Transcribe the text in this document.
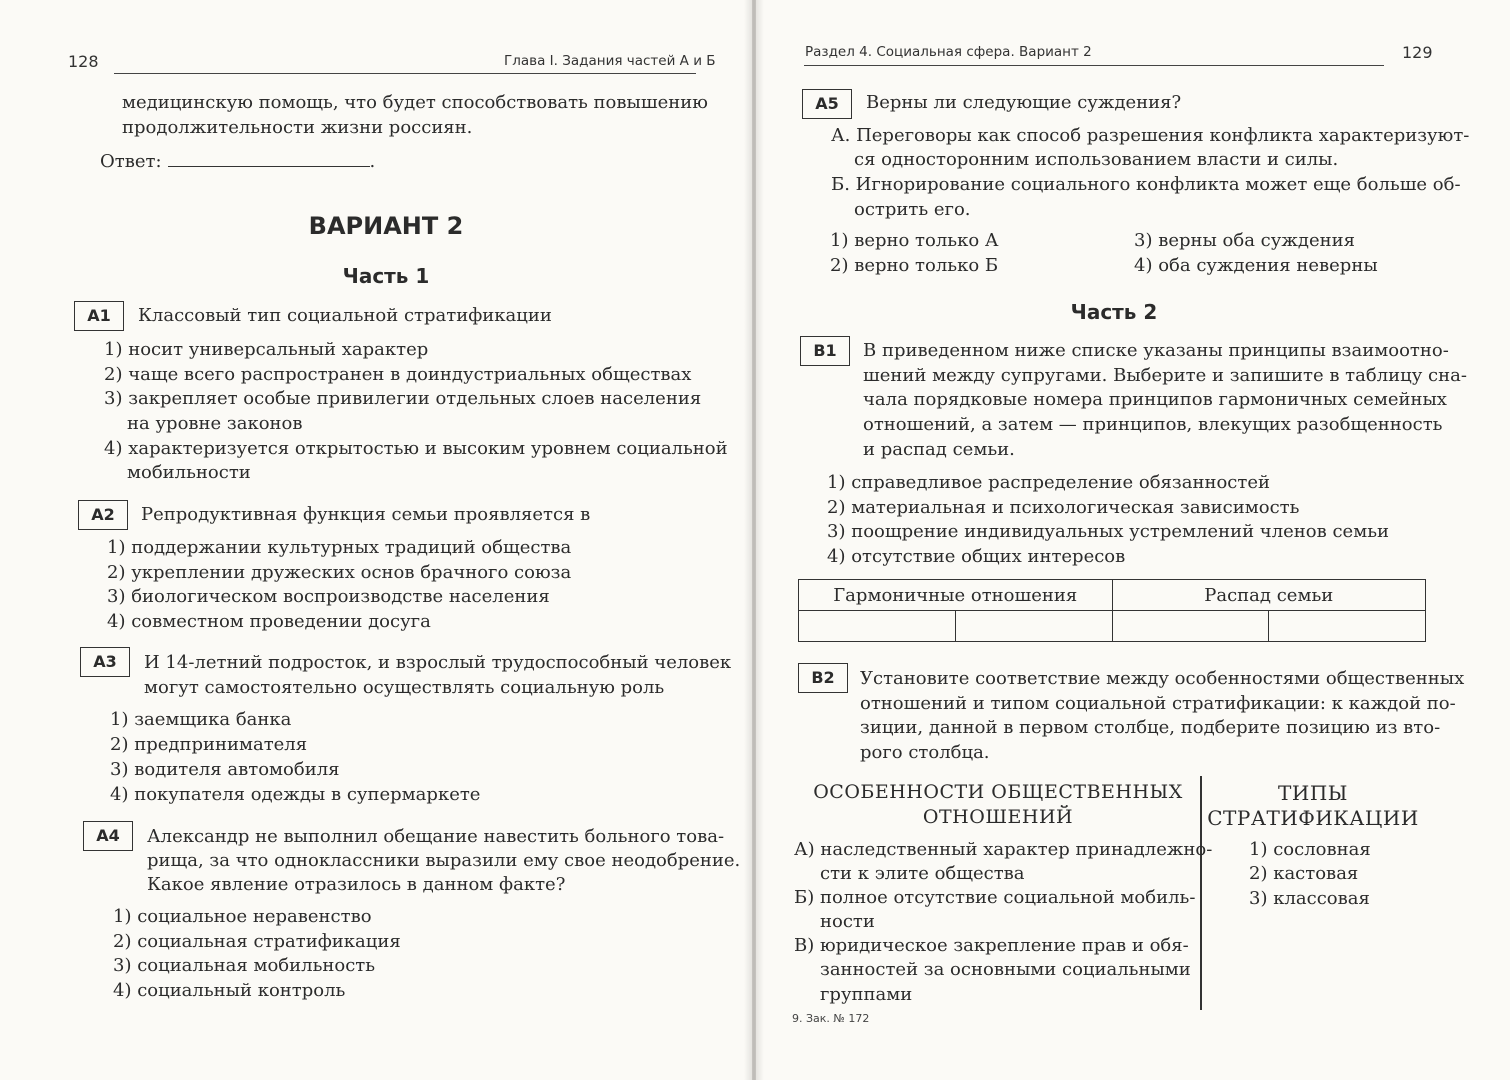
128	Глава I. Задания частей А и Б
медицинскую помощь, что будет способствовать повышению
продолжительности жизни россиян.
Ответ:	.
ВАРИАНТ 2
Часть 1
А1	Классовый тип социальной стратификации
1) носит универсальный характер
2) чаще всего распространен в доиндустриальных обществах
3) закрепляет особые привилегии отдельных слоев населения
на уровне законов
4) характеризуется открытостью и высоким уровнем социальной
мобильности
А2	Репродуктивная функция семьи проявляется в
1) поддержании культурных традиций общества
2) укреплении дружеских основ брачного союза
3) биологическом воспроизводстве населения
4) совместном проведении досуга
А3	И 14-летний подросток, и взрослый трудоспособный человек
могут самостоятельно осуществлять социальную роль
1) заемщика банка
2) предпринимателя
3) водителя автомобиля
4) покупателя одежды в супермаркете
А4	Александр не выполнил обещание навестить больного това-
рища, за что одноклассники выразили ему свое неодобрение.
Какое явление отразилось в данном факте?
1) социальное неравенство
2) социальная стратификация
3) социальная мобильность
4) социальный контроль
Раздел 4. Социальная сфера. Вариант 2	129
А5	Верны ли следующие суждения?
А. Переговоры как способ разрешения конфликта характеризуют-
ся односторонним использованием власти и силы.
Б. Игнорирование социального конфликта может еще больше об-
острить его.
1) верно только А
2) верно только Б
3) верны оба суждения
4) оба суждения неверны
Часть 2
В1	В приведенном ниже списке указаны принципы взаимоотно-
шений между супругами. Выберите и запишите в таблицу сна-
чала порядковые номера принципов гармоничных семейных
отношений, а затем — принципов, влекущих разобщенность
и распад семьи.
1) справедливое распределение обязанностей
2) материальная и психологическая зависимость
3) поощрение индивидуальных устремлений членов семьи
4) отсутствие общих интересов
Гармоничные отношения		Распад семьи	

В2	Установите соответствие между особенностями общественных
отношений и типом социальной стратификации: к каждой по-
зиции, данной в первом столбце, подберите позицию из вто-
рого столбца.
ОСОБЕННОСТИ ОБЩЕСТВЕННЫХ
ОТНОШЕНИЙ
ТИПЫ
СТРАТИФИКАЦИИ
А) наследственный характер принадлежно-
сти к элите общества
Б) полное отсутствие социальной мобиль-
ности
В) юридическое закрепление прав и обя-
занностей за основными социальными
группами
1) сословная
2) кастовая
3) классовая
9. Зак. № 172
